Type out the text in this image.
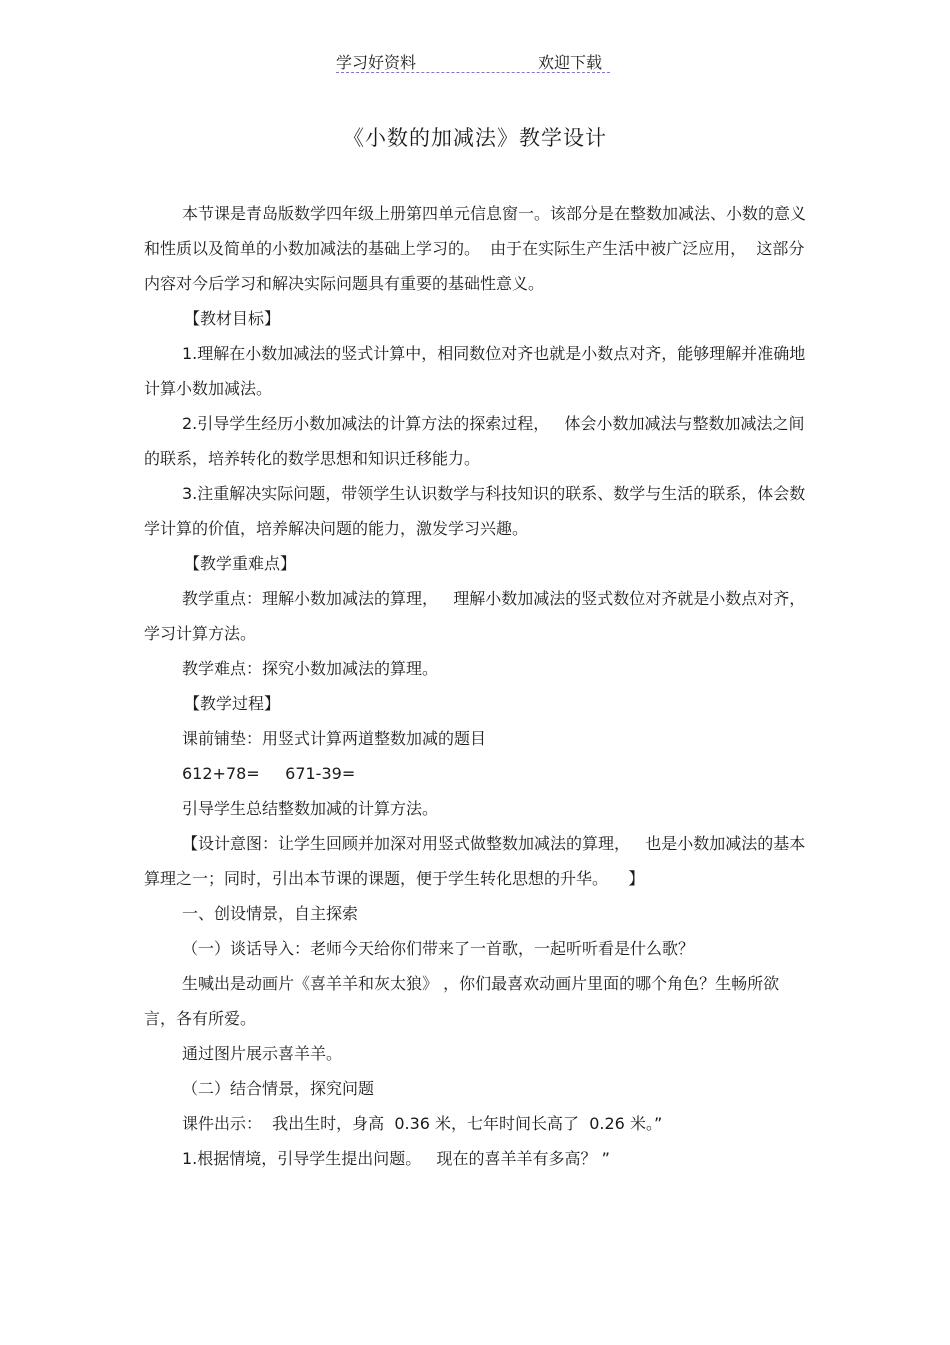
学习好资料	欢迎下载
《小数的加减法》教学设计

本节课是青岛版数学四年级上册第四单元信息窗一。该部分是在整数加减法、小数的意义和性质以及简单的小数加减法的基础上学习的。  由于在实际生产生活中被广泛应用，  这部分内容对今后学习和解决实际问题具有重要的基础性意义。

【教材目标】

1.理解在小数加减法的竖式计算中，相同数位对齐也就是小数点对齐，能够理解并准确地计算小数加减法。

2.引导学生经历小数加减法的计算方法的探索过程，   体会小数加减法与整数加减法之间的联系，培养转化的数学思想和知识迁移能力。

3.注重解决实际问题，带领学生认识数学与科技知识的联系、数学与生活的联系，体会数学计算的价值，培养解决问题的能力，激发学习兴趣。

【教学重难点】

教学重点：理解小数加减法的算理，   理解小数加减法的竖式数位对齐就是小数点对齐，学习计算方法。

教学难点：探究小数加减法的算理。

【教学过程】

课前铺垫：用竖式计算两道整数加减的题目

612+78=     671-39=

引导学生总结整数加减的计算方法。

【设计意图：让学生回顾并加深对用竖式做整数加减法的算理，   也是小数加减法的基本算理之一；同时，引出本节课的课题，便于学生转化思想的升华。    】

一、创设情景，自主探索

（一）谈话导入：老师今天给你们带来了一首歌，一起听听看是什么歌？

生喊出是动画片《喜羊羊和灰太狼》 ，你们最喜欢动画片里面的哪个角色？生畅所欲言，各有所爱。

通过图片展示喜羊羊。

（二）结合情景，探究问题

课件出示：  我出生时，身高  0.36 米，七年时间长高了  0.26 米。”

1.根据情境，引导学生提出问题。   现在的喜羊羊有多高？ ”
